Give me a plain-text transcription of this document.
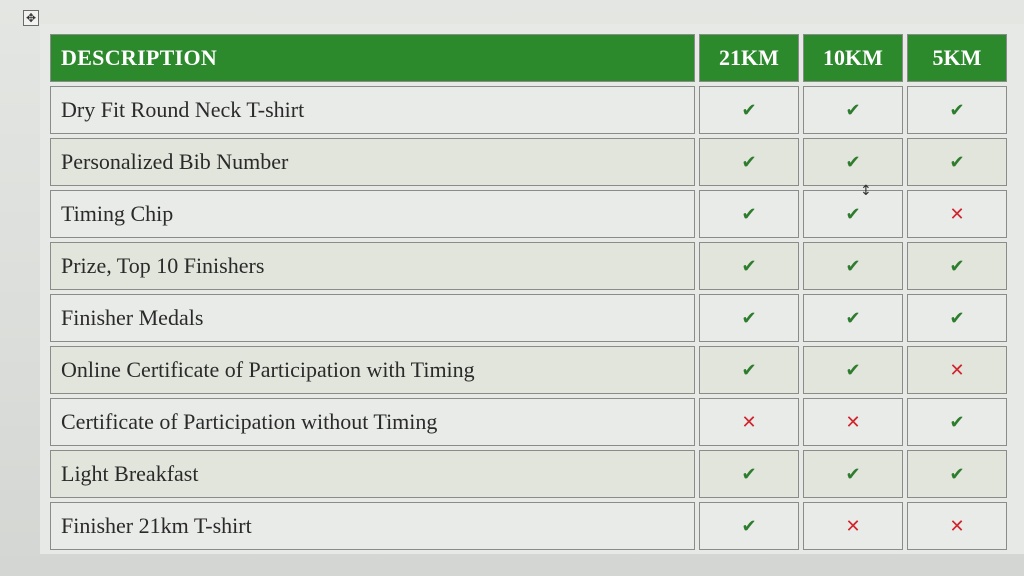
✥
DESCRIPTION	21KM	10KM	5KM
Dry Fit Round Neck T-shirt	✔	✔	✔
Personalized Bib Number	✔	✔	✔
Timing Chip	✔	✔	✕
Prize, Top 10 Finishers	✔	✔	✔
Finisher Medals	✔	✔	✔
Online Certificate of Participation with Timing	✔	✔	✕
Certificate of Participation without Timing	✕	✕	✔
Light Breakfast	✔	✔	✔
Finisher 21km T-shirt	✔	✕	✕
↕
